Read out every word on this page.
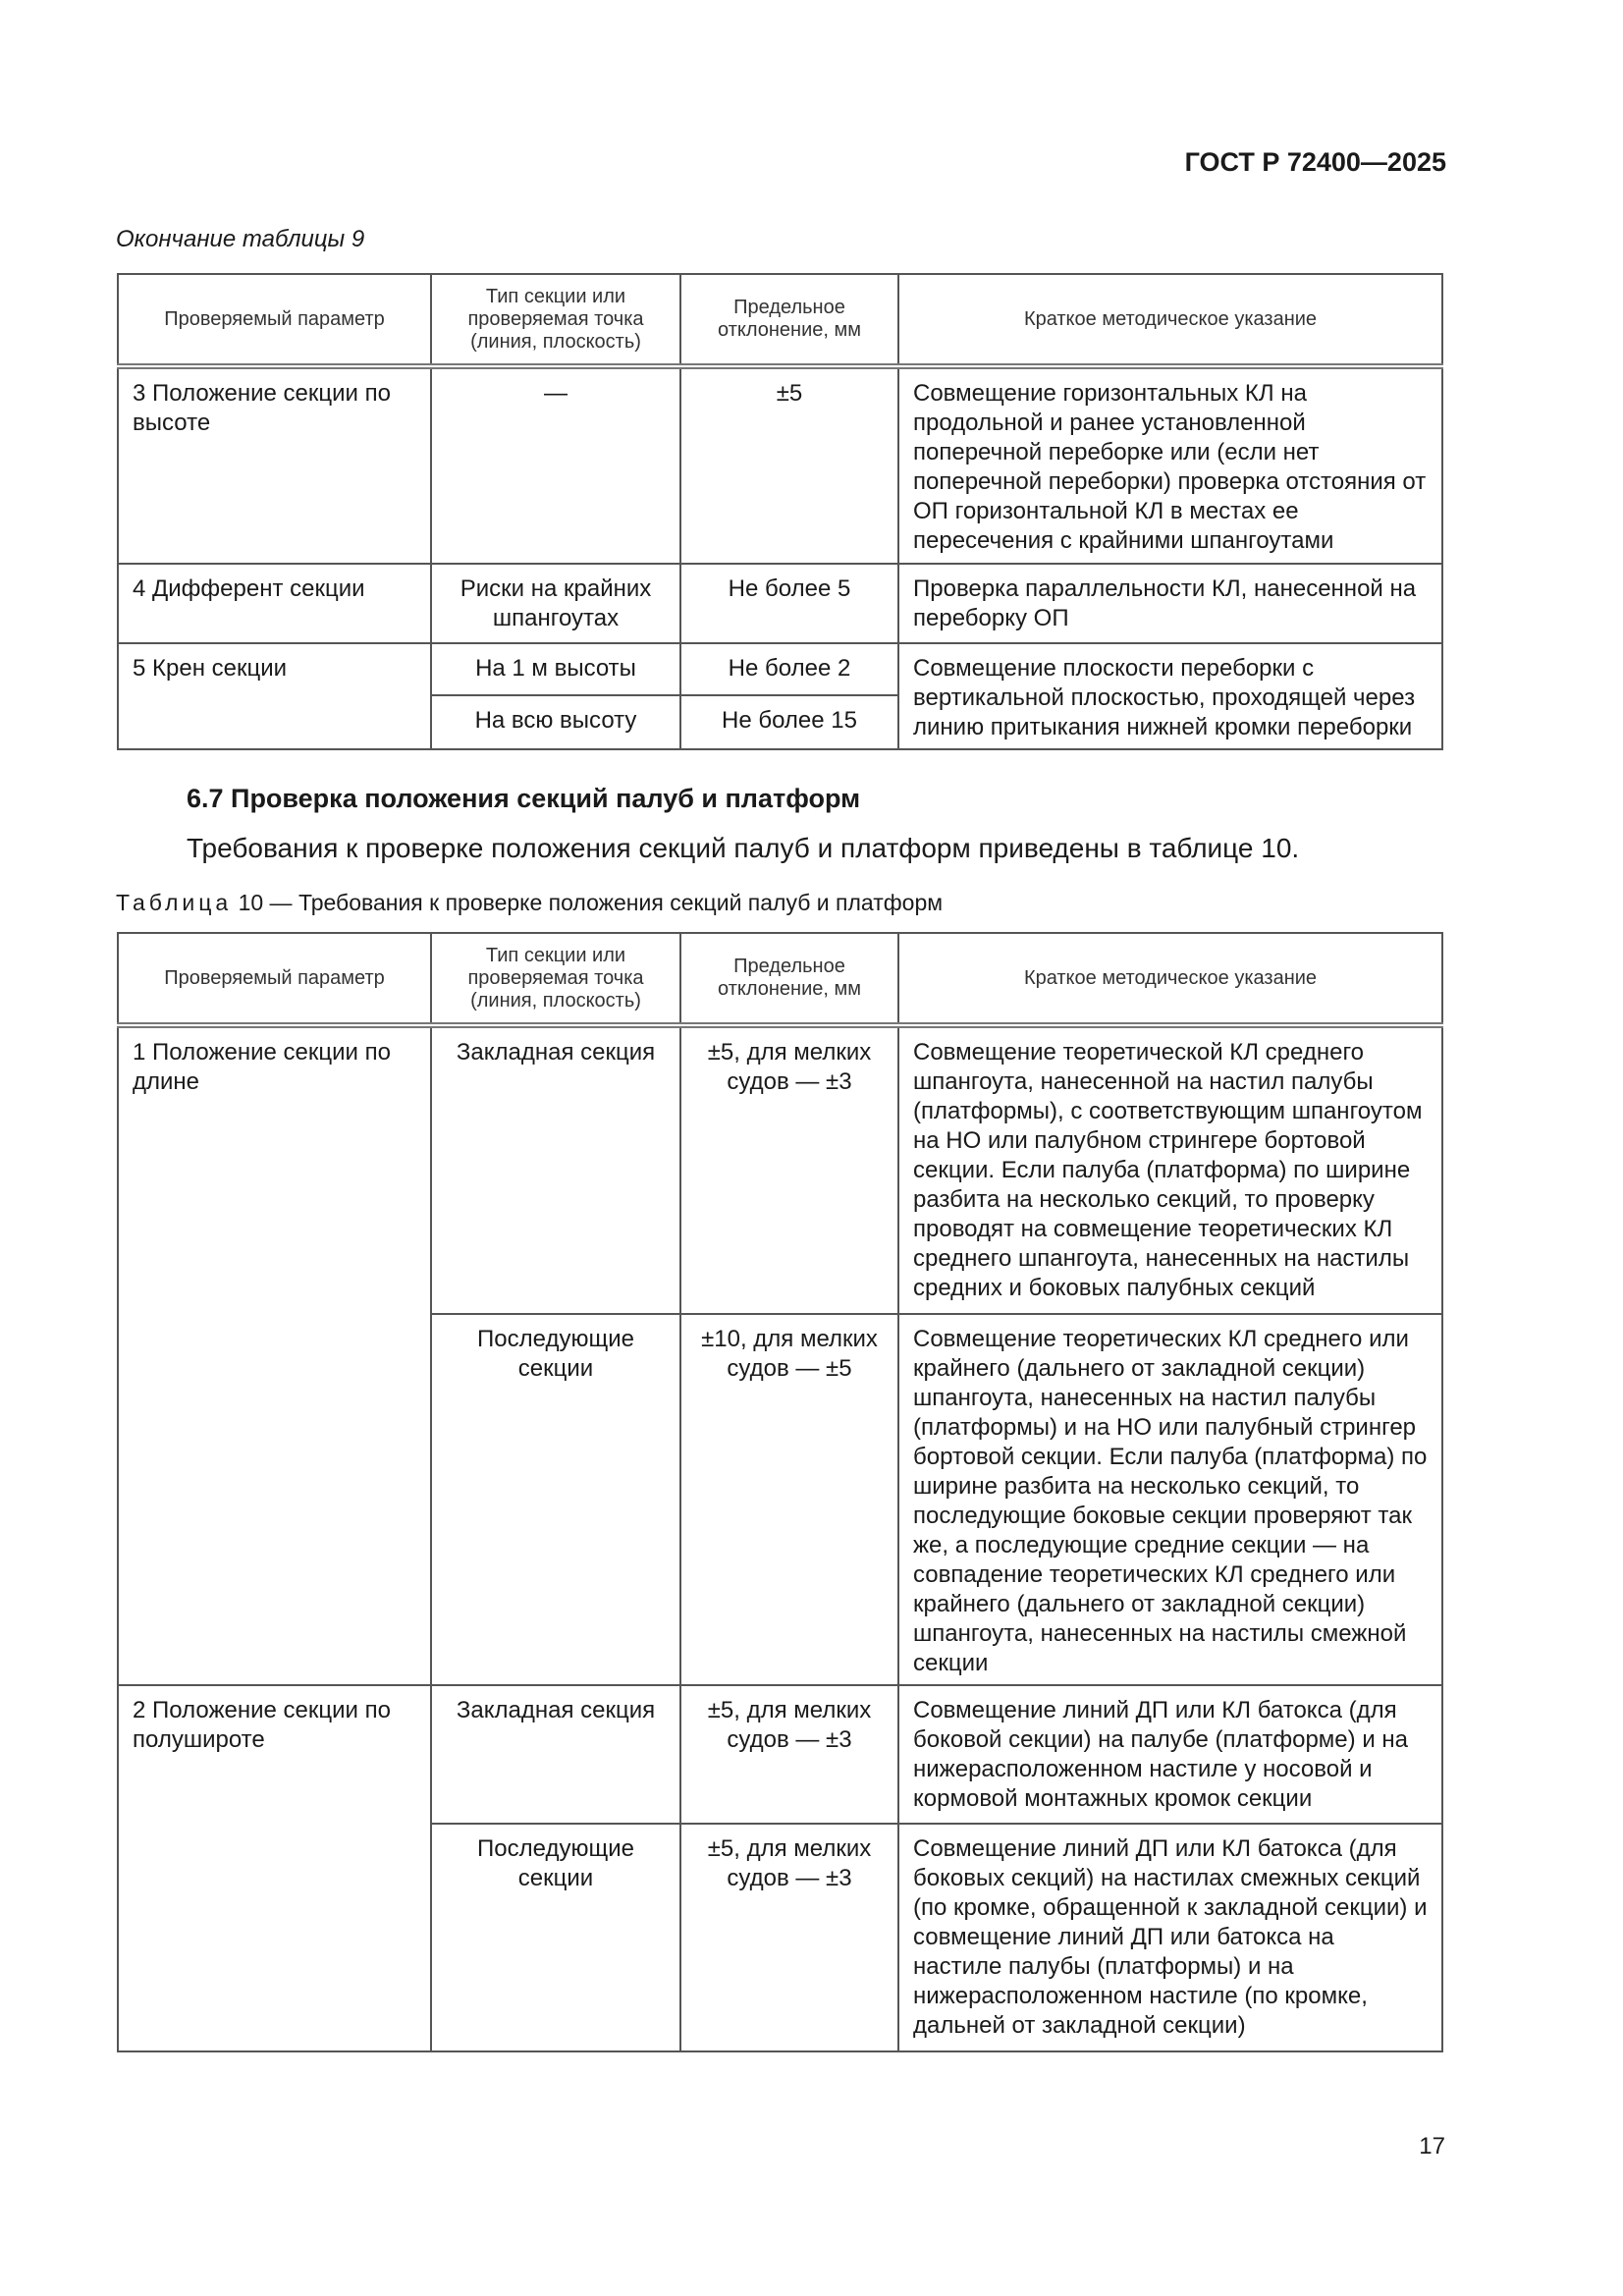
ГОСТ Р 72400—2025
Окончание таблицы 9
Проверяемый параметр	Тип секции или проверяемая точка (линия, плоскость)	Предельное отклонение, мм	Краткое методическое указание
3 Положение секции по высоте	—	±5	Совмещение горизонтальных КЛ на продольной и ранее установленной поперечной переборке или (если нет поперечной переборки) проверка отстояния от ОП горизонтальной КЛ в местах ее пересечения с крайними шпангоутами
4 Дифферент секции	Риски на крайних шпангоутах	Не более 5	Проверка параллельности КЛ, нанесенной на переборку ОП
5 Крен секции	На 1 м высоты	Не более 2	Совмещение плоскости переборки с вертикальной плоскостью, проходящей через линию притыкания нижней кромки переборки
	На всю высоту	Не более 15	
6.7 Проверка положения секций палуб и платформ
Требования к проверке положения секций палуб и платформ приведены в таблице 10.
Таблица 10 — Требования к проверке положения секций палуб и платформ
Проверяемый параметр	Тип секции или проверяемая точка (линия, плоскость)	Предельное отклонение, мм	Краткое методическое указание
1 Положение секции по длине	Закладная секция	±5, для мелких судов — ±3	Совмещение теоретической КЛ среднего шпангоута, нанесенной на настил палубы (платформы), с соответствующим шпангоутом на НО или палубном стрингере бортовой секции. Если палуба (платформа) по ширине разбита на несколько секций, то проверку проводят на совмещение теоретических КЛ среднего шпангоута, нанесенных на настилы средних и боковых палубных секций
	Последующие секции	±10, для мелких судов — ±5	Совмещение теоретических КЛ среднего или крайнего (дальнего от закладной секции) шпангоута, нанесенных на настил палубы (платформы) и на НО или палубный стрингер бортовой секции. Если палуба (платформа) по ширине разбита на несколько секций, то последующие боковые секции проверяют так же, а последующие средние секции — на совпадение теоретических КЛ среднего или крайнего (дальнего от закладной секции) шпангоута, нанесенных на настилы смежной секции
2 Положение секции по полушироте	Закладная секция	±5, для мелких судов — ±3	Совмещение линий ДП или КЛ батокса (для боковой секции) на палубе (платформе) и на нижерасположенном настиле у носовой и кормовой монтажных кромок секции
	Последующие секции	±5, для мелких судов — ±3	Совмещение линий ДП или КЛ батокса (для боковых секций) на настилах смежных секций (по кромке, обращенной к закладной секции) и совмещение линий ДП или батокса на настиле палубы (платформы) и на нижерасположенном настиле (по кромке, дальней от закладной секции)
17
